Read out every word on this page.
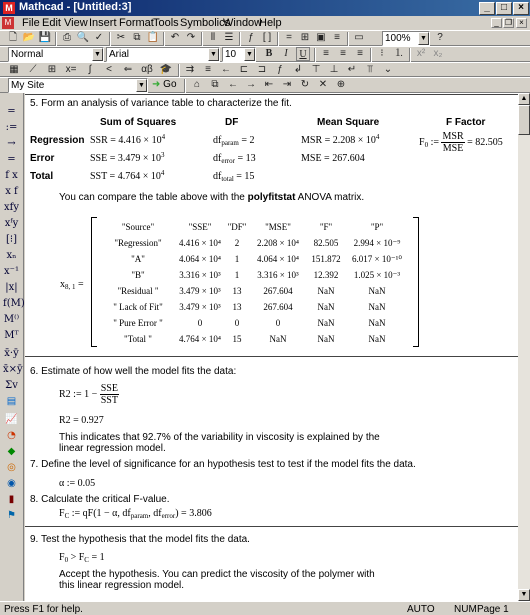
M Mathcad - [Untitled:3]	_	□	×
M File Edit View Insert Format Tools Symbolics
Window
Help	_ ❐ ×
🗋 📂 💾	⎙ 🔍 ✓ ✂ ⧉ 📋 ↶ ↷	⫴ ☰	ƒ [ ]	= ⊞ ▣ ≡	▭	100% ▼	?
Normal	▼ Arial	▼ 10 ▼	B	I	U	≡	≡	≡	⁝	⒈ x² x₂
▦	⟋	⊞ x=	∫	<	⇐ αβ 🎓 ⇉	≡	← ⊏ ⊐	ƒ	↲ ⊤ ⊥ ↵	⫪	⌄
My Site	▼ ➜ Go	⌂	⧉ ← → ⇤ ⇥ ↻ ✕ ⊕
=
:=
→
=
f x
x f
xfy
xᶠy
[⁝]
xₙ
x⁻¹
|x|
f(M)
M⁽⁾
Mᵀ
x̄·ȳ
x̄×ȳ
Σv
▤
📈
◔
◆
◎
◉
▮
⚑
5. Form an analysis of variance table to characterize the fit.
Sum of Squares	DF	Mean Square	F Factor
Regression
Error
Total
SSR = $4.416 \times 10^4$
SSE = $3.479 \times 10^3$
SST = $4.764 \times 10^4$
$df_{param} = 2$
$df_{error} = 13$
$df_{total} = 15$
MSR = $2.208 \times 10^4$
MSE = 267.604
$F_0$ := $\frac{\text{MSR}}{\text{MSE}} = 82.505$
You can compare the table above with the polyfitstat ANOVA matrix.
$x_{8, 1}$ =
"Source"	"SSE"	"DF"	"MSE"	"F"	"P"
"Regression"	4.416 × 10⁴	2	2.208 × 10⁴	82.505	2.994 × 10⁻⁹
"A"	4.064 × 10⁴	1	4.064 × 10⁴	151.872	6.017 × 10⁻¹⁰
"B"	3.316 × 10³	1	3.316 × 10³	12.392	1.025 × 10⁻³
"Residual "	3.479 × 10³	13	267.604	NaN	NaN
" Lack of Fit"	3.479 × 10³	13	267.604	NaN	NaN
" Pure Error "	0	0	0	NaN	NaN
"Total "	4.764 × 10⁴	15	NaN	NaN	NaN
6. Estimate of how well the model fits the data:
R2 := $1 - \frac{\text{SSE}}{\text{SST}}$
R2 = 0.927
This indicates that 92.7% of the variability in viscosity is explained by the
linear regression model.
7. Define the level of significance for an hypothesis test to test if the model fits the data.
α := 0.05
8. Calculate the critical F-value.
$F_C$ := qF(1 − α, $df_{param}$, $df_{error}) = 3.806$
9. Test the hypothesis that the model fits the data.
$F_0 > F_C = 1$
Accept the hypothesis. You can predict the viscosity of the polymer with
this linear regression model.
▲
▼
Press F1 for help.	AUTO NUM Page 1
